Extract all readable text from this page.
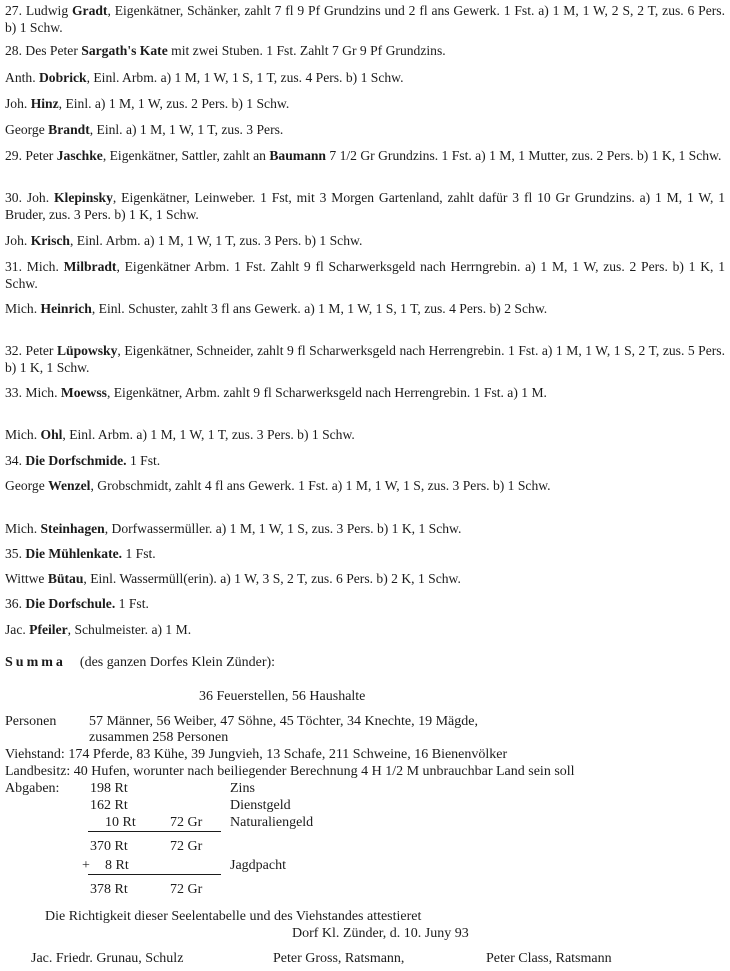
27. Ludwig Gradt, Eigenkätner, Schänker, zahlt 7 fl 9 Pf Grundzins und 2 fl ans Gewerk. 1 Fst. a) 1 M, 1 W, 2 S, 2 T, zus. 6 Pers. b) 1 Schw.
28. Des Peter Sargath's Kate mit zwei Stuben. 1 Fst. Zahlt 7 Gr 9 Pf Grundzins.
Anth. Dobrick, Einl. Arbm. a) 1 M, 1 W, 1 S, 1 T, zus. 4 Pers. b) 1 Schw.
Joh. Hinz, Einl. a) 1 M, 1 W, zus. 2 Pers. b) 1 Schw.
George Brandt, Einl. a) 1 M, 1 W, 1 T, zus. 3 Pers.
29. Peter Jaschke, Eigenkätner, Sattler, zahlt an Baumann 7 1/2 Gr Grundzins. 1 Fst. a) 1 M, 1 Mutter, zus. 2 Pers. b) 1 K, 1 Schw.
30. Joh. Klepinsky, Eigenkätner, Leinweber. 1 Fst, mit 3 Morgen Gartenland, zahlt dafür 3 fl 10 Gr Grundzins. a) 1 M, 1 W, 1 Bruder, zus. 3 Pers. b) 1 K, 1 Schw.
Joh. Krisch, Einl. Arbm. a) 1 M, 1 W, 1 T, zus. 3 Pers. b) 1 Schw.
31. Mich. Milbradt, Eigenkätner Arbm. 1 Fst. Zahlt 9 fl Scharwerksgeld nach Herrngrebin. a) 1 M, 1 W, zus. 2 Pers. b) 1 K, 1 Schw.
Mich. Heinrich, Einl. Schuster, zahlt 3 fl ans Gewerk. a) 1 M, 1 W, 1 S, 1 T, zus. 4 Pers. b) 2 Schw.
32. Peter Lüpowsky, Eigenkätner, Schneider, zahlt 9 fl Scharwerksgeld nach Herrengrebin. 1 Fst. a) 1 M, 1 W, 1 S, 2 T, zus. 5 Pers. b) 1 K, 1 Schw.
33. Mich. Moewss, Eigenkätner, Arbm. zahlt 9 fl Scharwerksgeld nach Herrengrebin. 1 Fst. a) 1 M.
Mich. Ohl, Einl. Arbm. a) 1 M, 1 W, 1 T, zus. 3 Pers. b) 1 Schw.
34. Die Dorfschmide. 1 Fst.
George Wenzel, Grobschmidt, zahlt 4 fl ans Gewerk. 1 Fst. a) 1 M, 1 W, 1 S, zus. 3 Pers. b) 1 Schw.
Mich. Steinhagen, Dorfwassermüller. a) 1 M, 1 W, 1 S, zus. 3 Pers. b) 1 K, 1 Schw.
35. Die Mühlenkate. 1 Fst.
Wittwe Bütau, Einl. Wassermüll(erin). a) 1 W, 3 S, 2 T, zus. 6 Pers. b) 2 K, 1 Schw.
36. Die Dorfschule. 1 Fst.
Jac. Pfeiler, Schulmeister. a) 1 M.
Summa (des ganzen Dorfes Klein Zünder):
36 Feuerstellen, 56 Haushalte
Personen 57 Männer, 56 Weiber, 47 Söhne, 45 Töchter, 34 Knechte, 19 Mägde,
zusammen 258 Personen
Viehstand: 174 Pferde, 83 Kühe, 39 Jungvieh, 13 Schafe, 211 Schweine, 16 Bienenvölker
Landbesitz: 40 Hufen, worunter nach beiliegender Berechnung 4 H 1/2 M unbrauchbar Land sein soll
Abgaben: 198 Rt	Zins
162 Rt	Dienstgeld
10 Rt 72 Gr Naturaliengeld
370 Rt	72 Gr
+ 8 Rt	Jagdpacht
378 Rt	72 Gr
Die Richtigkeit dieser Seelentabelle und des Viehstandes attestieret
Dorf Kl. Zünder, d. 10. Juny 93
Jac. Friedr. Grunau, Schulz	Peter Gross, Ratsmann,	Peter Class, Ratsmann
